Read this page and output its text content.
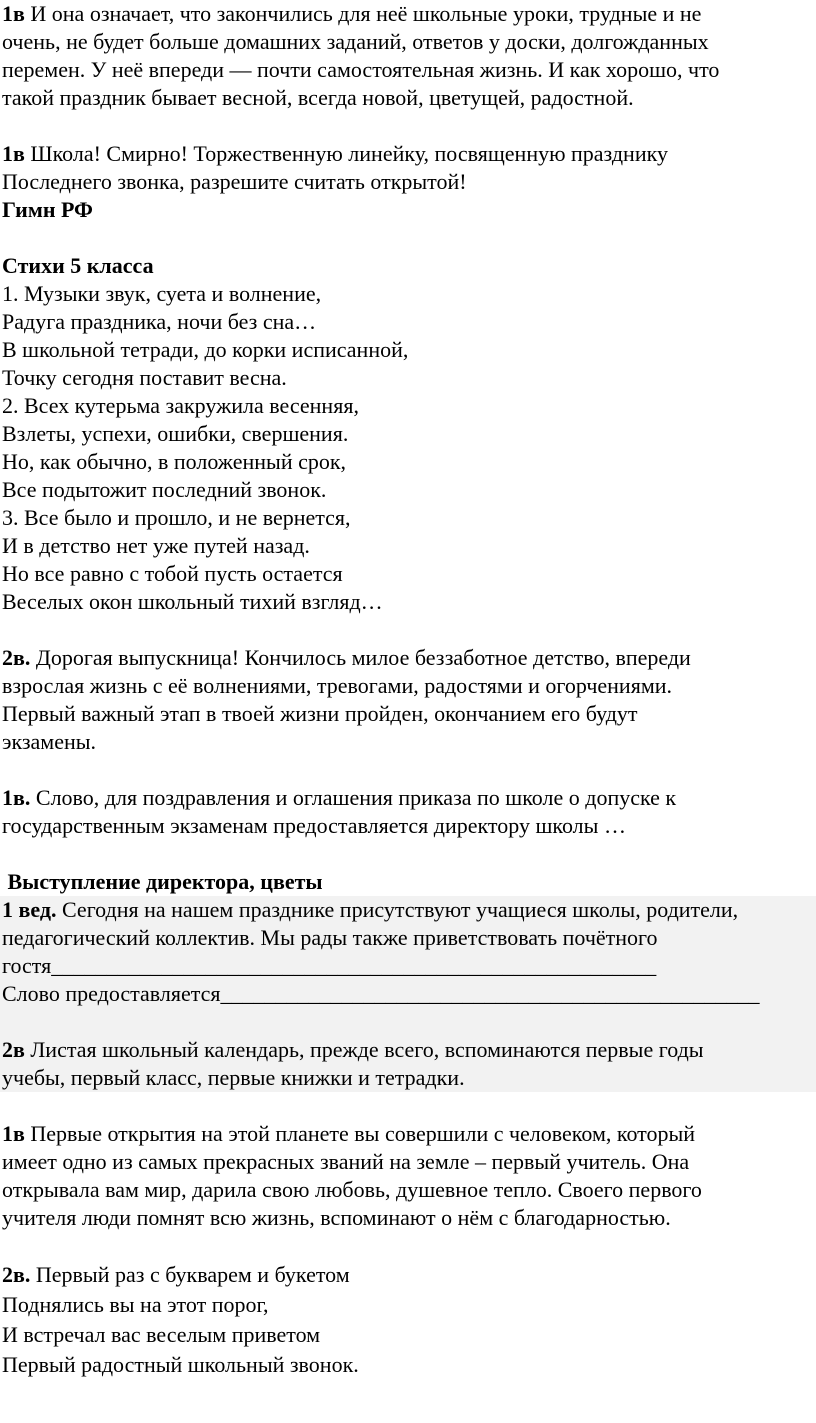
1в И она означает, что закончились для неё школьные уроки, трудные и не
очень, не будет больше домашних заданий, ответов у доски, долгожданных
перемен. У неё впереди — почти самостоятельная жизнь. И как хорошо, что
такой праздник бывает весной, всегда новой, цветущей, радостной.
1в Школа! Смирно! Торжественную линейку, посвященную празднику
Последнего звонка, разрешите считать открытой!
Гимн РФ
Стихи 5 класса
1. Музыки звук, суета и волнение,
Радуга праздника, ночи без сна…
В школьной тетради, до корки исписанной,
Точку сегодня поставит весна.
2. Всех кутерьма закружила весенняя,
Взлеты, успехи, ошибки, свершения.
Но, как обычно, в положенный срок,
Все подытожит последний звонок.
3. Все было и прошло, и не вернется,
И в детство нет уже путей назад.
Но все равно с тобой пусть остается
Веселых окон школьный тихий взгляд…
2в. Дорогая выпускница! Кончилось милое беззаботное детство, впереди
взрослая жизнь с её волнениями, тревогами, радостями и огорчениями.
Первый важный этап в твоей жизни пройден, окончанием его будут
экзамены.
1в. Слово, для поздравления и оглашения приказа по школе о допуске к
государственным экзаменам предоставляется директору школы …
Выступление директора, цветы
1 вед. Сегодня на нашем празднике присутствуют учащиеся школы, родители,
педагогический коллектив. Мы рады также приветствовать почётного
гостя_______________________________________________________
Слово предоставляется_________________________________________________
2в Листая школьный календарь, прежде всего, вспоминаются первые годы
учебы, первый класс, первые книжки и тетрадки.
1в Первые открытия на этой планете вы совершили с человеком, который
имеет одно из самых прекрасных званий на земле – первый учитель. Она
открывала вам мир, дарила свою любовь, душевное тепло. Своего первого
учителя люди помнят всю жизнь, вспоминают о нём с благодарностью.
2в. Первый раз с букварем и букетом
Поднялись вы на этот порог,
И встречал вас веселым приветом
Первый радостный школьный звонок.
